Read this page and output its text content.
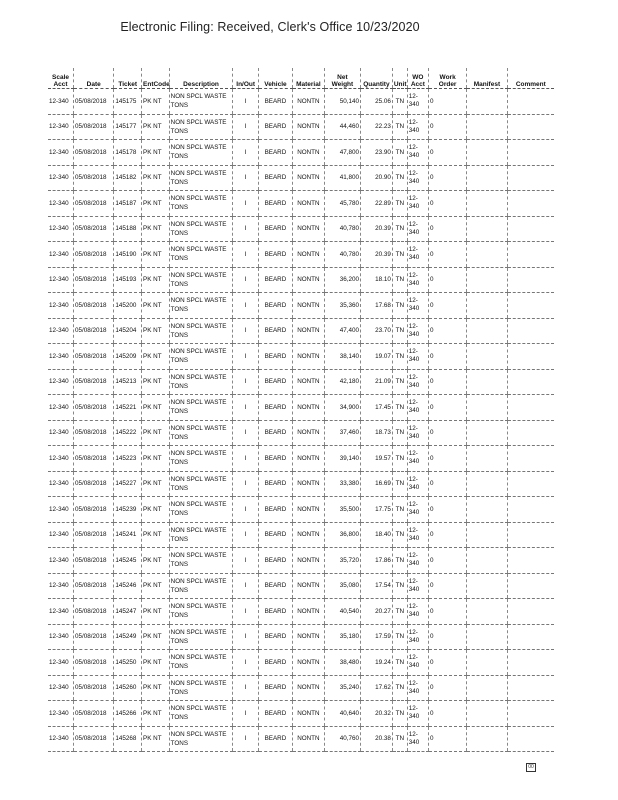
Electronic Filing: Received, Clerk's Office 10/23/2020
Scale Acct	Date	Ticket	EntCode	Description	In/Out	Vehicle	Material	Net Weight	Quantity	Unit	WO Acct	Work Order	Manifest	Comment
12-340	05/08/2018	145175	PK NT	NON SPCL WASTE TONS	I	BEARD	NONTN	50,140	25.06	TN	12-340	0		
12-340	05/08/2018	145177	PK NT	NON SPCL WASTE TONS	I	BEARD	NONTN	44,460	22.23	TN	12-340	0		
12-340	05/08/2018	145178	PK NT	NON SPCL WASTE TONS	I	BEARD	NONTN	47,800	23.90	TN	12-340	0		
12-340	05/08/2018	145182	PK NT	NON SPCL WASTE TONS	I	BEARD	NONTN	41,800	20.90	TN	12-340	0		
12-340	05/08/2018	145187	PK NT	NON SPCL WASTE TONS	I	BEARD	NONTN	45,780	22.89	TN	12-340	0		
12-340	05/08/2018	145188	PK NT	NON SPCL WASTE TONS	I	BEARD	NONTN	40,780	20.39	TN	12-340	0		
12-340	05/08/2018	145190	PK NT	NON SPCL WASTE TONS	I	BEARD	NONTN	40,780	20.39	TN	12-340	0		
12-340	05/08/2018	145193	PK NT	NON SPCL WASTE TONS	I	BEARD	NONTN	36,200	18.10	TN	12-340	0		
12-340	05/08/2018	145200	PK NT	NON SPCL WASTE TONS	I	BEARD	NONTN	35,360	17.68	TN	12-340	0		
12-340	05/08/2018	145204	PK NT	NON SPCL WASTE TONS	I	BEARD	NONTN	47,400	23.70	TN	12-340	0		
12-340	05/08/2018	145209	PK NT	NON SPCL WASTE TONS	I	BEARD	NONTN	38,140	19.07	TN	12-340	0		
12-340	05/08/2018	145213	PK NT	NON SPCL WASTE TONS	I	BEARD	NONTN	42,180	21.09	TN	12-340	0		
12-340	05/08/2018	145221	PK NT	NON SPCL WASTE TONS	I	BEARD	NONTN	34,900	17.45	TN	12-340	0		
12-340	05/08/2018	145222	PK NT	NON SPCL WASTE TONS	I	BEARD	NONTN	37,460	18.73	TN	12-340	0		
12-340	05/08/2018	145223	PK NT	NON SPCL WASTE TONS	I	BEARD	NONTN	39,140	19.57	TN	12-340	0		
12-340	05/08/2018	145227	PK NT	NON SPCL WASTE TONS	I	BEARD	NONTN	33,380	16.69	TN	12-340	0		
12-340	05/08/2018	145239	PK NT	NON SPCL WASTE TONS	I	BEARD	NONTN	35,500	17.75	TN	12-340	0		
12-340	05/08/2018	145241	PK NT	NON SPCL WASTE TONS	I	BEARD	NONTN	36,800	18.40	TN	12-340	0		
12-340	05/08/2018	145245	PK NT	NON SPCL WASTE TONS	I	BEARD	NONTN	35,720	17.86	TN	12-340	0		
12-340	05/08/2018	145246	PK NT	NON SPCL WASTE TONS	I	BEARD	NONTN	35,080	17.54	TN	12-340	0		
12-340	05/08/2018	145247	PK NT	NON SPCL WASTE TONS	I	BEARD	NONTN	40,540	20.27	TN	12-340	0		
12-340	05/08/2018	145249	PK NT	NON SPCL WASTE TONS	I	BEARD	NONTN	35,180	17.59	TN	12-340	0		
12-340	05/08/2018	145250	PK NT	NON SPCL WASTE TONS	I	BEARD	NONTN	38,480	19.24	TN	12-340	0		
12-340	05/08/2018	145260	PK NT	NON SPCL WASTE TONS	I	BEARD	NONTN	35,240	17.62	TN	12-340	0		
12-340	05/08/2018	145266	PK NT	NON SPCL WASTE TONS	I	BEARD	NONTN	40,640	20.32	TN	12-340	0		
12-340	05/08/2018	145268	PK NT	NON SPCL WASTE TONS	I	BEARD	NONTN	40,760	20.38	TN	12-340	0		
00
